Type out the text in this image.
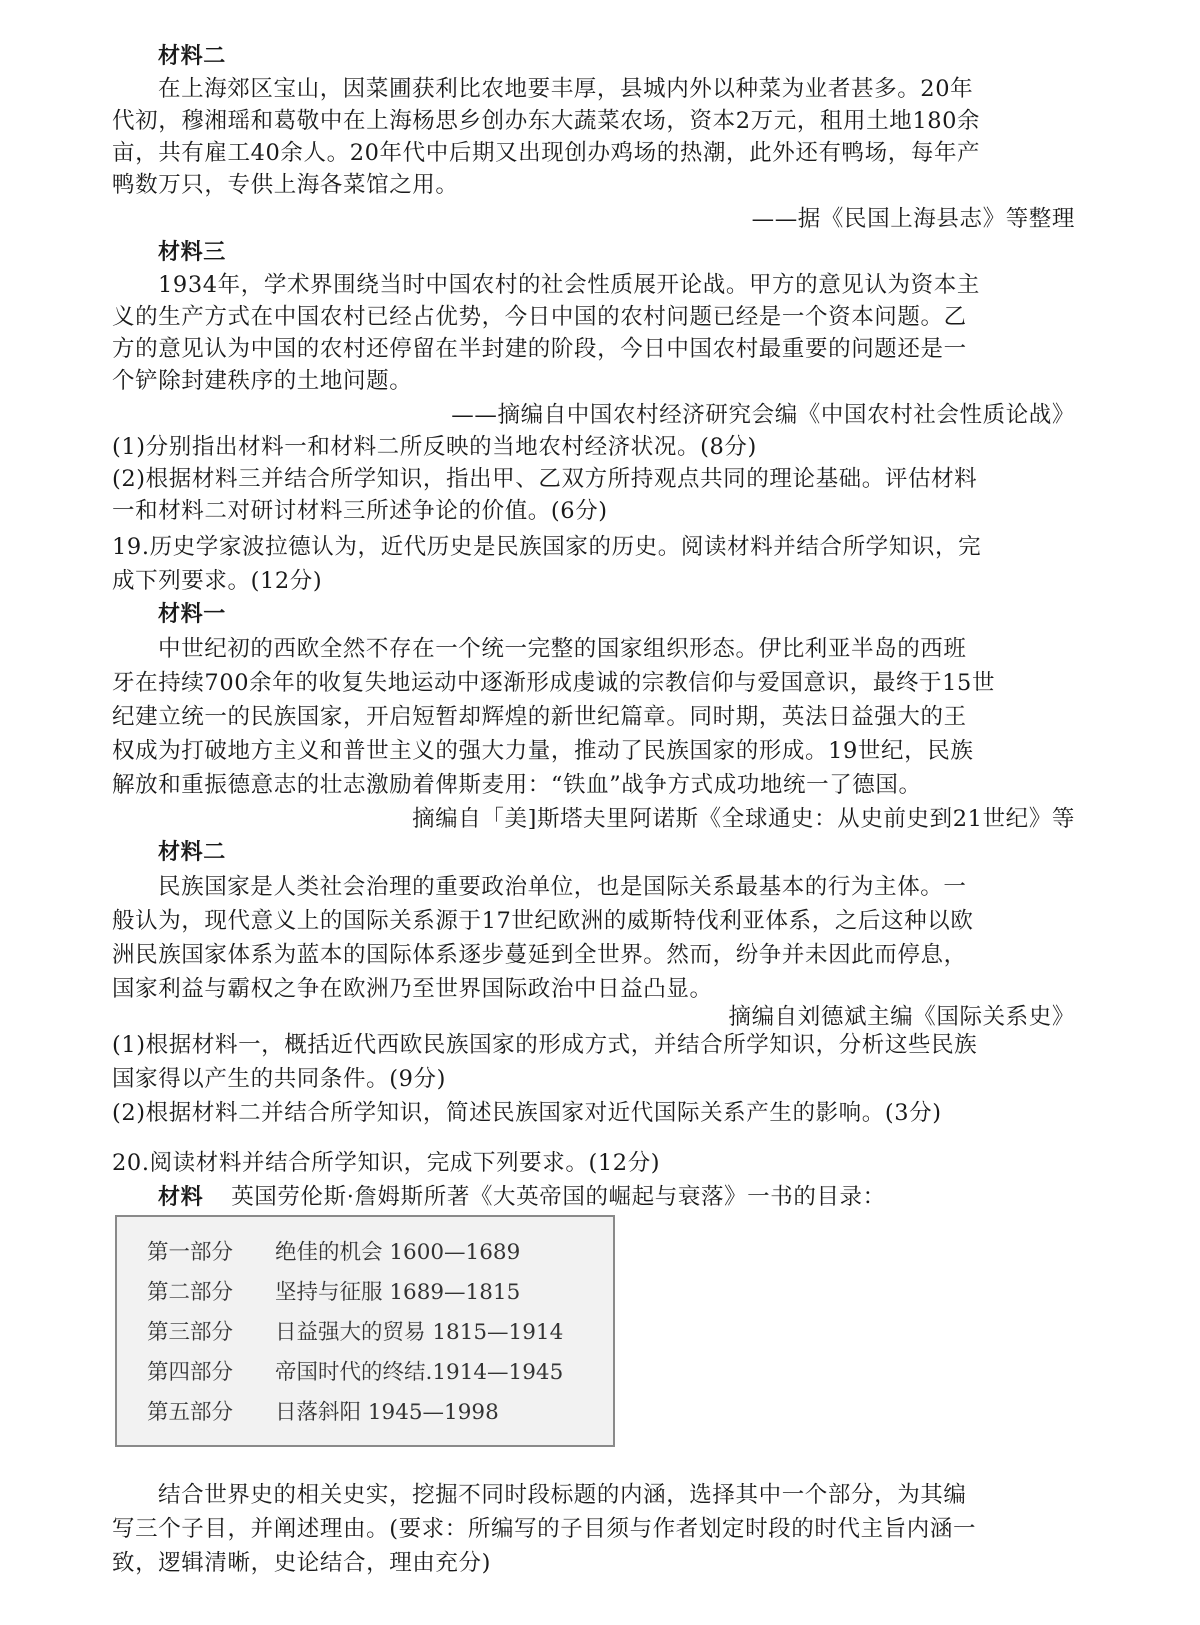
材料二
在上海郊区宝山，因菜圃获利比农地要丰厚，县城内外以种菜为业者甚多。20年
代初，穆湘瑶和葛敬中在上海杨思乡创办东大蔬菜农场，资本2万元，租用土地180余
亩，共有雇工40余人。20年代中后期又出现创办鸡场的热潮，此外还有鸭场，每年产
鸭数万只，专供上海各菜馆之用。
——据《民国上海县志》等整理
材料三
1934年，学术界围绕当时中国农村的社会性质展开论战。甲方的意见认为资本主
义的生产方式在中国农村已经占优势，今日中国的农村问题已经是一个资本问题。乙
方的意见认为中国的农村还停留在半封建的阶段，今日中国农村最重要的问题还是一
个铲除封建秩序的土地问题。
——摘编自中国农村经济研究会编《中国农村社会性质论战》
(1)分别指出材料一和材料二所反映的当地农村经济状况。(8分)
(2)根据材料三并结合所学知识，指出甲、乙双方所持观点共同的理论基础。评估材料
一和材料二对研讨材料三所述争论的价值。(6分)
19.历史学家波拉德认为，近代历史是民族国家的历史。阅读材料并结合所学知识，完
成下列要求。(12分)
材料一
中世纪初的西欧全然不存在一个统一完整的国家组织形态。伊比利亚半岛的西班
牙在持续700余年的收复失地运动中逐渐形成虔诚的宗教信仰与爱国意识，最终于15世
纪建立统一的民族国家，开启短暂却辉煌的新世纪篇章。同时期，英法日益强大的王
权成为打破地方主义和普世主义的强大力量，推动了民族国家的形成。19世纪，民族
解放和重振德意志的壮志激励着俾斯麦用：“铁血”战争方式成功地统一了德国。
摘编自「美]斯塔夫里阿诺斯《全球通史：从史前史到21世纪》等
材料二
民族国家是人类社会治理的重要政治单位，也是国际关系最基本的行为主体。一
般认为，现代意义上的国际关系源于17世纪欧洲的威斯特伐利亚体系，之后这种以欧
洲民族国家体系为蓝本的国际体系逐步蔓延到全世界。然而，纷争并未因此而停息，
国家利益与霸权之争在欧洲乃至世界国际政治中日益凸显。
摘编自刘德斌主编《国际关系史》
(1)根据材料一，概括近代西欧民族国家的形成方式，并结合所学知识，分析这些民族
国家得以产生的共同条件。(9分)
(2)根据材料二并结合所学知识，简述民族国家对近代国际关系产生的影响。(3分)
20.阅读材料并结合所学知识，完成下列要求。(12分)
材料 英国劳伦斯·詹姆斯所著《大英帝国的崛起与衰落》一书的目录：
第一部分 绝佳的机会 1600—1689
第二部分 坚持与征服 1689—1815
第三部分 日益强大的贸易 1815—1914
第四部分 帝国时代的终结.1914—1945
第五部分 日落斜阳 1945—1998
结合世界史的相关史实，挖掘不同时段标题的内涵，选择其中一个部分，为其编
写三个子目，并阐述理由。(要求：所编写的子目须与作者划定时段的时代主旨内涵一
致，逻辑清晰，史论结合，理由充分)
